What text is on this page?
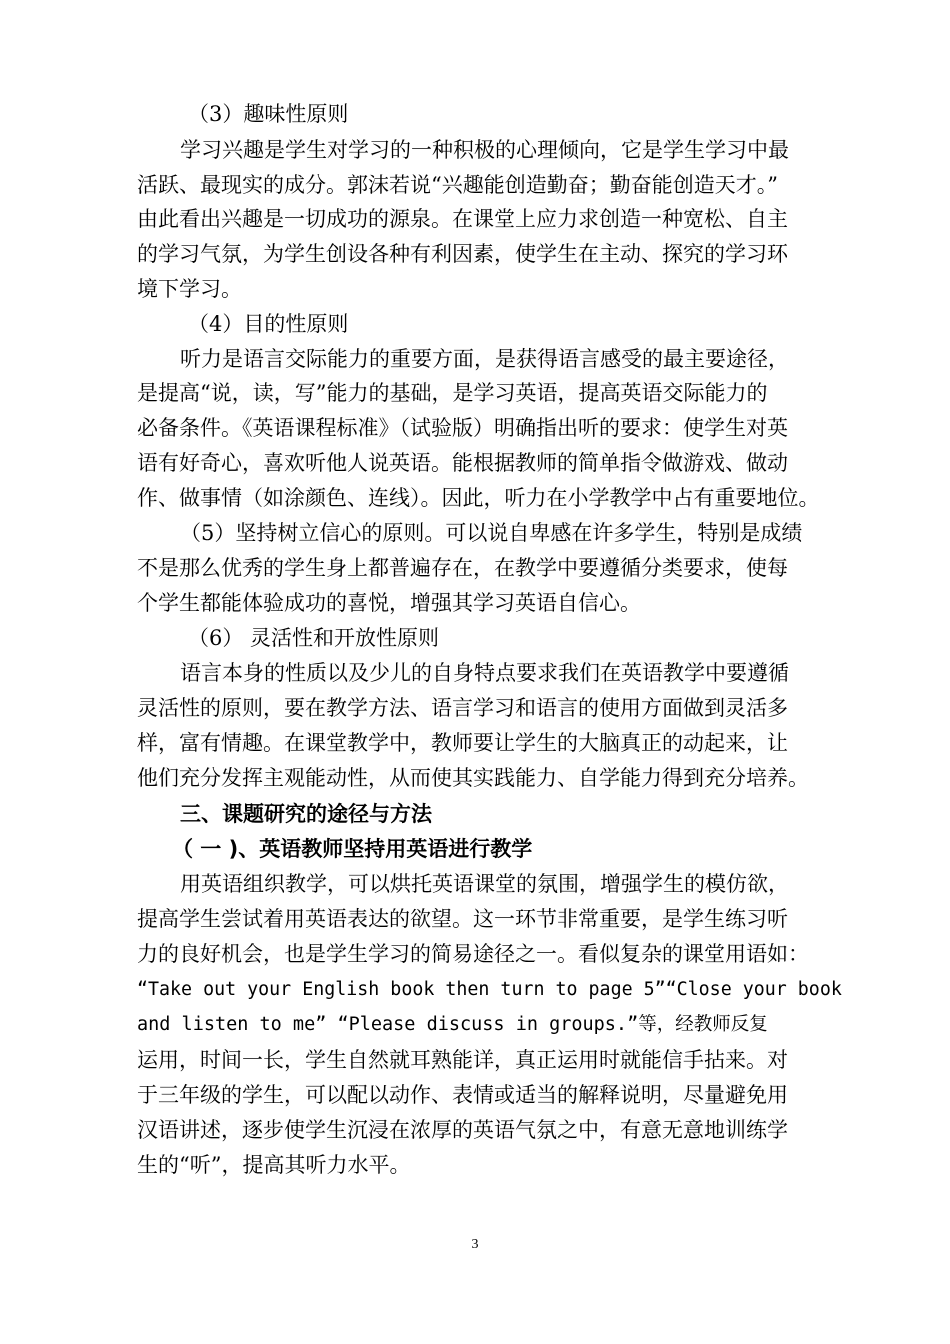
（3）趣味性原则
学习兴趣是学生对学习的一种积极的心理倾向，它是学生学习中最
活跃、最现实的成分。郭沫若说“兴趣能创造勤奋；勤奋能创造天才。”
由此看出兴趣是一切成功的源泉。在课堂上应力求创造一种宽松、自主
的学习气氛，为学生创设各种有利因素，使学生在主动、探究的学习环
境下学习。
（4）目的性原则
听力是语言交际能力的重要方面，是获得语言感受的最主要途径，
是提高“说，读，写”能力的基础，是学习英语，提高英语交际能力的
必备条件。《英语课程标准》（试验版）明确指出听的要求：使学生对英
语有好奇心，喜欢听他人说英语。能根据教师的简单指令做游戏、做动
作、做事情（如涂颜色、连线）。因此，听力在小学教学中占有重要地位。
（5）坚持树立信心的原则。可以说自卑感在许多学生，特别是成绩
不是那么优秀的学生身上都普遍存在，在教学中要遵循分类要求，使每
个学生都能体验成功的喜悦，增强其学习英语自信心。
（6） 灵活性和开放性原则
语言本身的性质以及少儿的自身特点要求我们在英语教学中要遵循
灵活性的原则，要在教学方法、语言学习和语言的使用方面做到灵活多
样，富有情趣。在课堂教学中，教师要让学生的大脑真正的动起来，让
他们充分发挥主观能动性，从而使其实践能力、自学能力得到充分培养。
三、课题研究的途径与方法
（ 一 )、英语教师坚持用英语进行教学
用英语组织教学，可以烘托英语课堂的氛围，增强学生的模仿欲，
提高学生尝试着用英语表达的欲望。这一环节非常重要，是学生练习听
力的良好机会，也是学生学习的简易途径之一。看似复杂的课堂用语如：
“Take out your English book then turn to page 5”“Close your book
and listen to me” “Please discuss in groups.”等，经教师反复
运用，时间一长，学生自然就耳熟能详，真正运用时就能信手拈来。对
于三年级的学生，可以配以动作、表情或适当的解释说明，尽量避免用
汉语讲述，逐步使学生沉浸在浓厚的英语气氛之中，有意无意地训练学
生的“听”，提高其听力水平。
3
